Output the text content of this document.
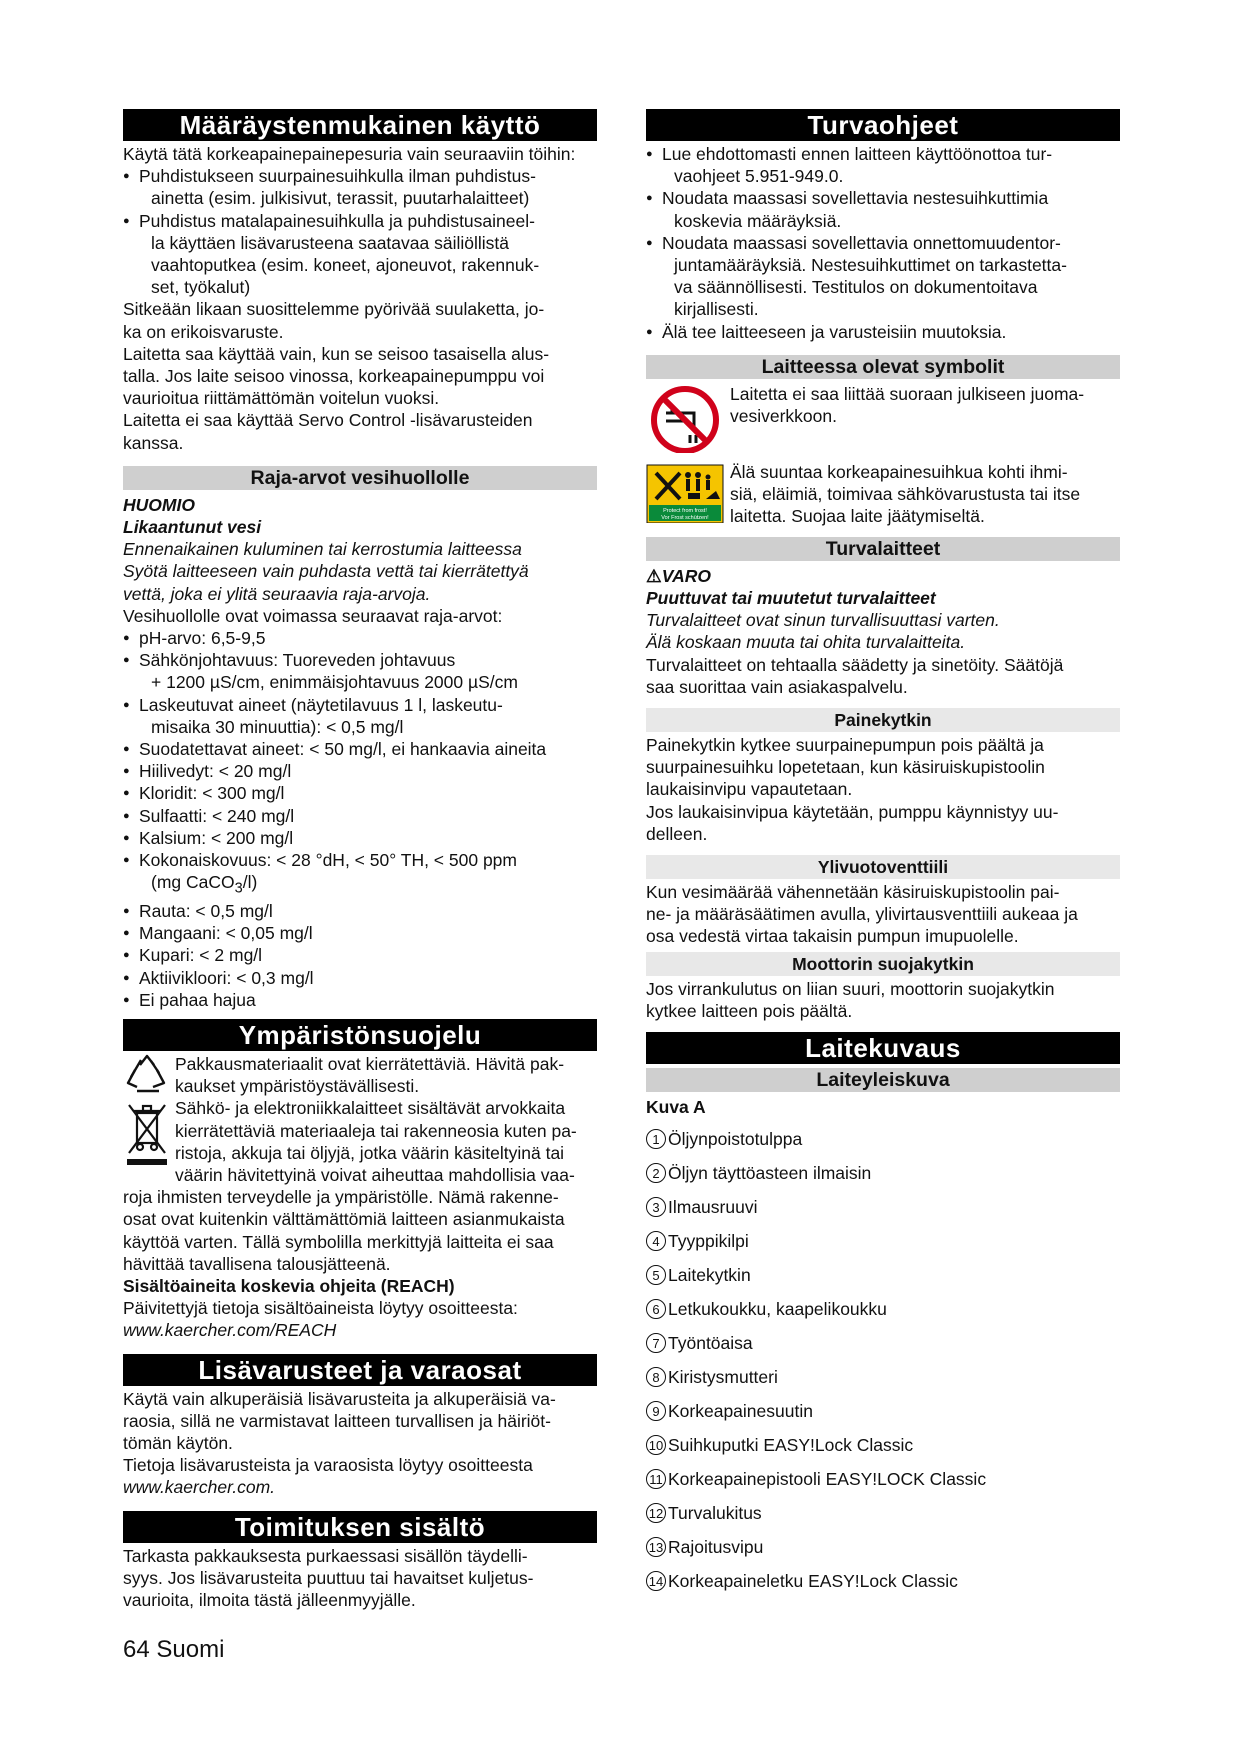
Määräystenmukainen käyttö

Käytä tätä korkeapainepainepesuria vain seuraaviin töihin:

● Puhdistukseen suurpainesuihkulla ilman puhdistus-
ainetta (esim. julkisivut, terassit, puutarhalaitteet)
● Puhdistus matalapainesuihkulla ja puhdistusaineel-
la käyttäen lisävarusteena saatavaa säiliöllistä
vaahtoputkea (esim. koneet, ajoneuvot, rakennuk-
set, työkalut)

Sitkeään likaan suosittelemme pyörivää suulaketta, jo-

ka on erikoisvaruste.

Laitetta saa käyttää vain, kun se seisoo tasaisella alus-

talla. Jos laite seisoo vinossa, korkeapainepumppu voi

vaurioitua riittämättömän voitelun vuoksi.

Laitetta ei saa käyttää Servo Control -lisävarusteiden

kanssa.

Raja-arvot vesihuollolle

HUOMIO

Likaantunut vesi

Ennenaikainen kuluminen tai kerrostumia laitteessa

Syötä laitteeseen vain puhdasta vettä tai kierrätettyä

vettä, joka ei ylitä seuraavia raja-arvoja.

Vesihuollolle ovat voimassa seuraavat raja-arvot:

● pH-arvo: 6,5-9,5
● Sähkönjohtavuus: Tuoreveden johtavuus
+ 1200 µS/cm, enimmäisjohtavuus 2000 µS/cm
● Laskeutuvat aineet (näytetilavuus 1 l, laskeutu-
misaika 30 minuuttia): < 0,5 mg/l
● Suodatettavat aineet: < 50 mg/l, ei hankaavia aineita
● Hiilivedyt: < 20 mg/l
● Kloridit: < 300 mg/l
● Sulfaatti: < 240 mg/l
● Kalsium: < 200 mg/l
● Kokonaiskovuus: < 28 °dH, < 50° TH, < 500 ppm
(mg CaCO$_3$/l)
● Rauta: < 0,5 mg/l
● Mangaani: < 0,05 mg/l
● Kupari: < 2 mg/l
● Aktiivikloori: < 0,3 mg/l
● Ei pahaa hajua
Ympäristönsuojelu

Pakkausmateriaalit ovat kierrätettäviä. Hävitä pak-

kaukset ympäristöystävällisesti.

Sähkö- ja elektroniikkalaitteet sisältävät arvokkaita

kierrätettäviä materiaaleja tai rakenneosia kuten pa-

ristoja, akkuja tai öljyjä, jotka väärin käsiteltyinä tai

väärin hävitettyinä voivat aiheuttaa mahdollisia vaa-

roja ihmisten terveydelle ja ympäristölle. Nämä rakenne-

osat ovat kuitenkin välttämättömiä laitteen asianmukaista

käyttöä varten. Tällä symbolilla merkittyjä laitteita ei saa

hävittää tavallisena talousjätteenä.

Sisältöaineita koskevia ohjeita (REACH)

Päivitettyjä tietoja sisältöaineista löytyy osoitteesta:

www.kaercher.com/REACH

Lisävarusteet ja varaosat

Käytä vain alkuperäisiä lisävarusteita ja alkuperäisiä va-

raosia, sillä ne varmistavat laitteen turvallisen ja häiriöt-

tömän käytön.

Tietoja lisävarusteista ja varaosista löytyy osoitteesta

www.kaercher.com.

Toimituksen sisältö

Tarkasta pakkauksesta purkaessasi sisällön täydelli-

syys. Jos lisävarusteita puuttuu tai havaitset kuljetus-

vaurioita, ilmoita tästä jälleenmyyjälle.

Turvaohjeet
● Lue ehdottomasti ennen laitteen käyttöönottoa tur-
vaohjeet 5.951-949.0.
● Noudata maassasi sovellettavia nestesuihkuttimia
koskevia määräyksiä.
● Noudata maassasi sovellettavia onnettomuudentor-
juntamääräyksiä. Nestesuihkuttimet on tarkastetta-
va säännöllisesti. Testitulos on dokumentoitava
kirjallisesti.
● Älä tee laitteeseen ja varusteisiin muutoksia.
Laitteessa olevat symbolit

Laitetta ei saa liittää suoraan julkiseen juoma-

vesiverkkoon.

Protect from frost!
Vor Frost schützen!

Älä suuntaa korkeapainesuihkua kohti ihmi-

siä, eläimiä, toimivaa sähkövarustusta tai itse

laitetta. Suojaa laite jäätymiseltä.

Turvalaitteet

⚠VARO

Puuttuvat tai muutetut turvalaitteet

Turvalaitteet ovat sinun turvallisuuttasi varten.

Älä koskaan muuta tai ohita turvalaitteita.

Turvalaitteet on tehtaalla säädetty ja sinetöity. Säätöjä

saa suorittaa vain asiakaspalvelu.

Painekytkin

Painekytkin kytkee suurpainepumpun pois päältä ja

suurpainesuihku lopetetaan, kun käsiruiskupistoolin

laukaisinvipu vapautetaan.

Jos laukaisinvipua käytetään, pumppu käynnistyy uu-

delleen.

Ylivuotoventtiili

Kun vesimäärää vähennetään käsiruiskupistoolin pai-

ne- ja määräsäätimen avulla, ylivirtausventtiili aukeaa ja

osa vedestä virtaa takaisin pumpun imupuolelle.

Moottorin suojakytkin

Jos virrankulutus on liian suuri, moottorin suojakytkin

kytkee laitteen pois päältä.

Laitekuvaus
Laiteyleiskuva

Kuva A

1 Öljynpoistotulppa
2 Öljyn täyttöasteen ilmaisin
3 Ilmausruuvi
4 Tyyppikilpi
5 Laitekytkin
6 Letkukoukku, kaapelikoukku
7 Työntöaisa
8 Kiristysmutteri
9 Korkeapainesuutin
10 Suihkuputki EASY!Lock Classic
11 Korkeapainepistooli EASY!LOCK Classic
12 Turvalukitus
13 Rajoitusvipu
14 Korkeapaineletku EASY!Lock Classic
64 Suomi
